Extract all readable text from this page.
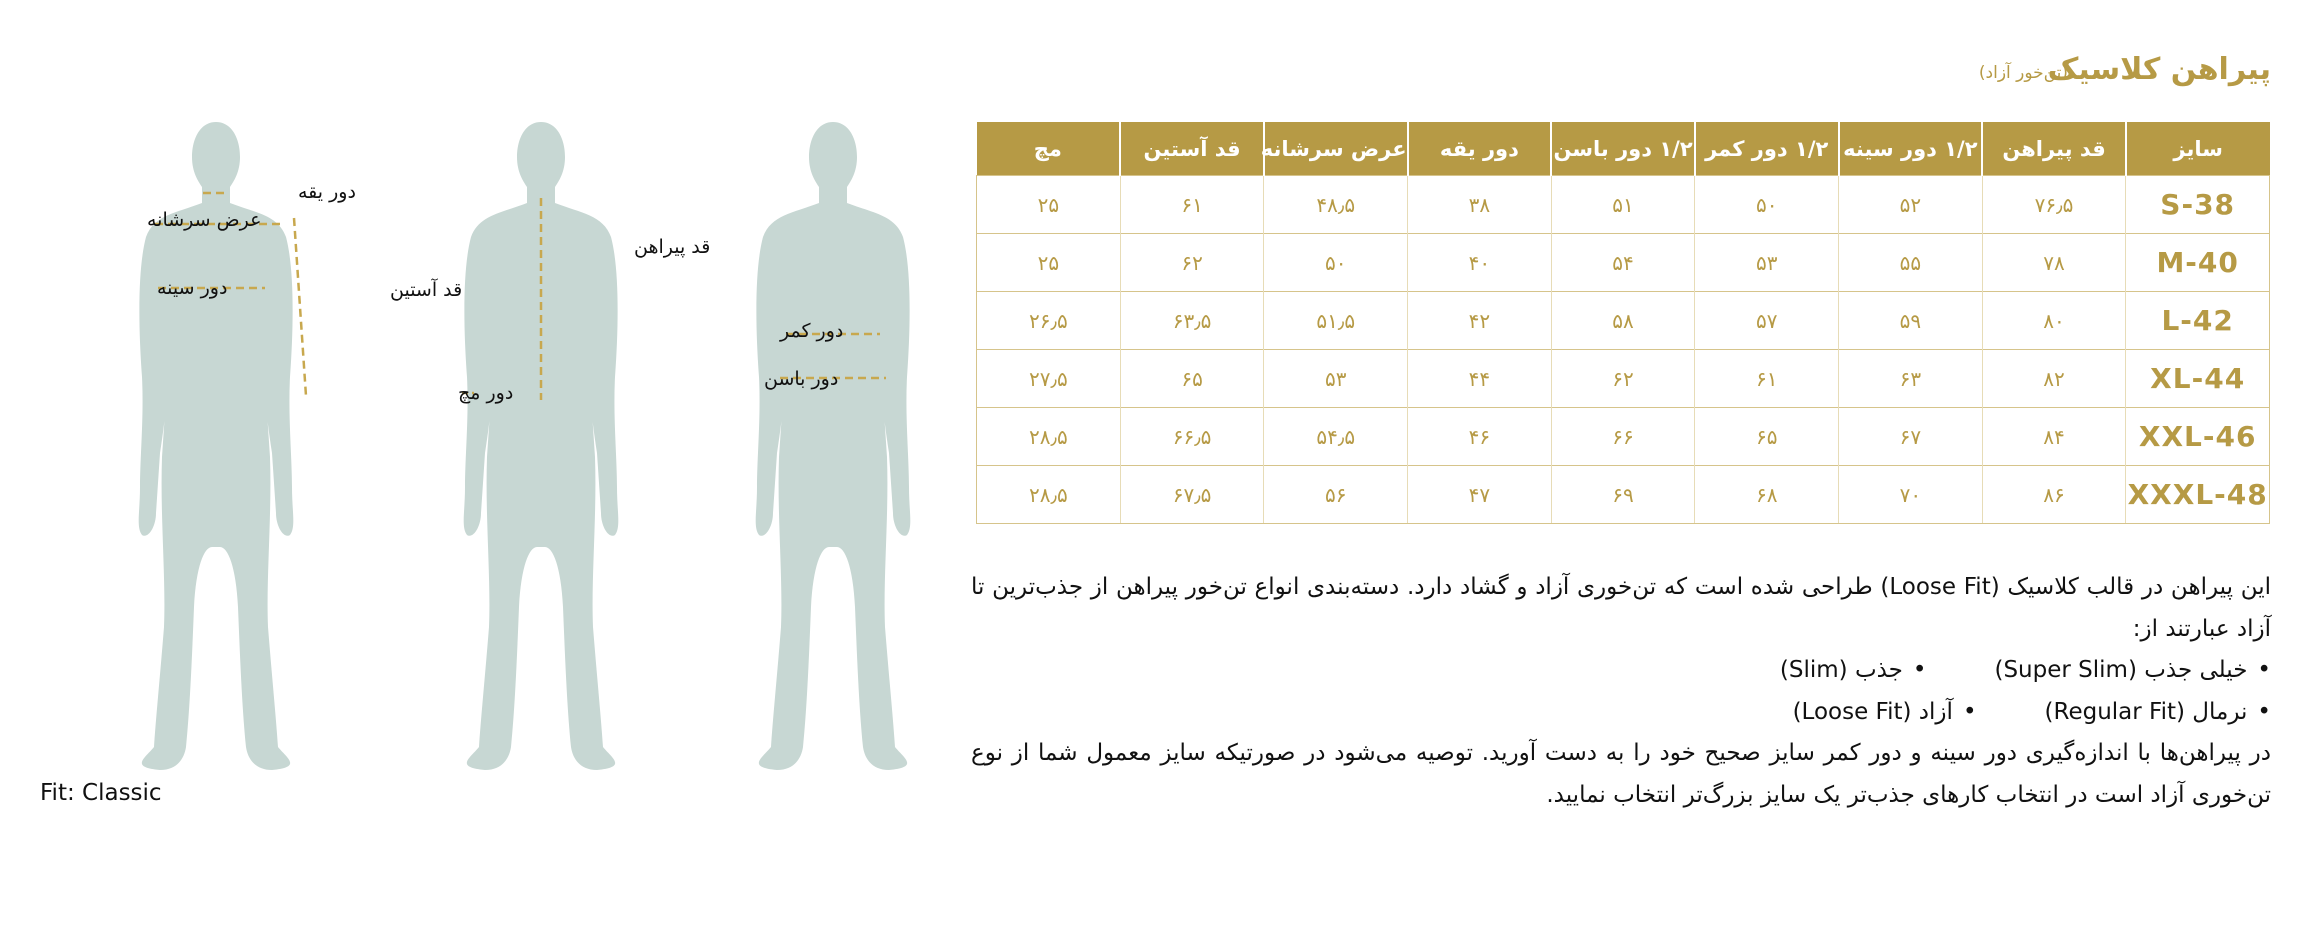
پیراهن کلاسیک
(تن‌خور آزاد)
سایز	قد پیراهن	۱/۲ دور سینه	۱/۲ دور کمر	۱/۲ دور باسن	دور یقه	عرض سرشانه	قد آستین	مچ
S-38	۷۶٫۵	۵۲	۵۰	۵۱	۳۸	۴۸٫۵	۶۱	۲۵
M-40	۷۸	۵۵	۵۳	۵۴	۴۰	۵۰	۶۲	۲۵
L-42	۸۰	۵۹	۵۷	۵۸	۴۲	۵۱٫۵	۶۳٫۵	۲۶٫۵
XL-44	۸۲	۶۳	۶۱	۶۲	۴۴	۵۳	۶۵	۲۷٫۵
XXL-46	۸۴	۶۷	۶۵	۶۶	۴۶	۵۴٫۵	۶۶٫۵	۲۸٫۵
XXXL-48	۸۶	۷۰	۶۸	۶۹	۴۷	۵۶	۶۷٫۵	۲۸٫۵

این پیراهن در قالب کلاسیک (Loose Fit) طراحی شده است که تن‌خوری آزاد و گشاد دارد. دسته‌بندی انواع تن‌خور پیراهن از جذب‌ترین تا آزاد عبارتند از:

• خیلی جذب (Super Slim)
• جذب (Slim)
• نرمال (Regular Fit)
• آزاد (Loose Fit)

در پیراهن‌ها با اندازه‌گیری دور سینه و دور کمر سایز صحیح خود را به دست آورید. توصیه می‌شود در صورتیکه سایز معمول شما از نوع تن‌خوری آزاد است در انتخاب کارهای جذب‌تر یک سایز بزرگ‌تر انتخاب نمایید.

Fit: Classic
دور یقه
عرض سرشانه
دور سینه	قد آستین
قد پیراهن
دور مچ
دور کمر
دور باسن
